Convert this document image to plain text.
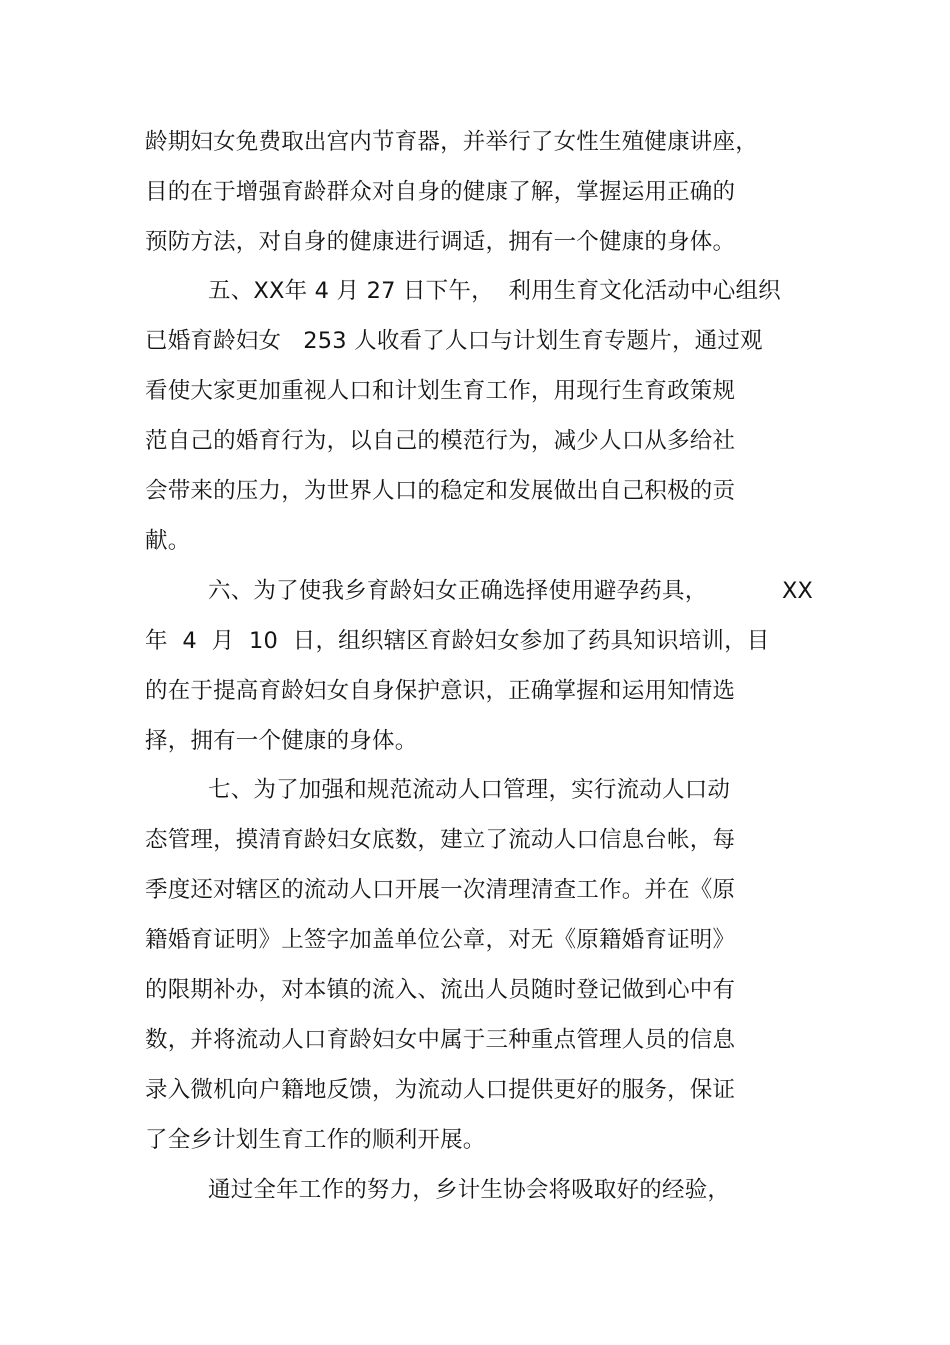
龄期妇女免费取出宫内节育器，并举行了女性生殖健康讲座，
目的在于增强育龄群众对自身的健康了解，掌握运用正确的
预防方法，对自身的健康进行调适，拥有一个健康的身体。
五、XX年 4 月 27 日下午，  利用生育文化活动中心组织
已婚育龄妇女   253 人收看了人口与计划生育专题片，通过观
看使大家更加重视人口和计划生育工作，用现行生育政策规
范自己的婚育行为，以自己的模范行为，减少人口从多给社
会带来的压力，为世界人口的稳定和发展做出自己积极的贡
献。
六、为了使我乡育龄妇女正确选择使用避孕药具，	XX
年  4  月  10  日，组织辖区育龄妇女参加了药具知识培训，目
的在于提高育龄妇女自身保护意识，正确掌握和运用知情选
择，拥有一个健康的身体。
七、为了加强和规范流动人口管理，实行流动人口动
态管理，摸清育龄妇女底数，建立了流动人口信息台帐，每
季度还对辖区的流动人口开展一次清理清查工作。并在《原
籍婚育证明》上签字加盖单位公章，对无《原籍婚育证明》
的限期补办，对本镇的流入、流出人员随时登记做到心中有
数，并将流动人口育龄妇女中属于三种重点管理人员的信息
录入微机向户籍地反馈，为流动人口提供更好的服务，保证
了全乡计划生育工作的顺利开展。
通过全年工作的努力，乡计生协会将吸取好的经验，
